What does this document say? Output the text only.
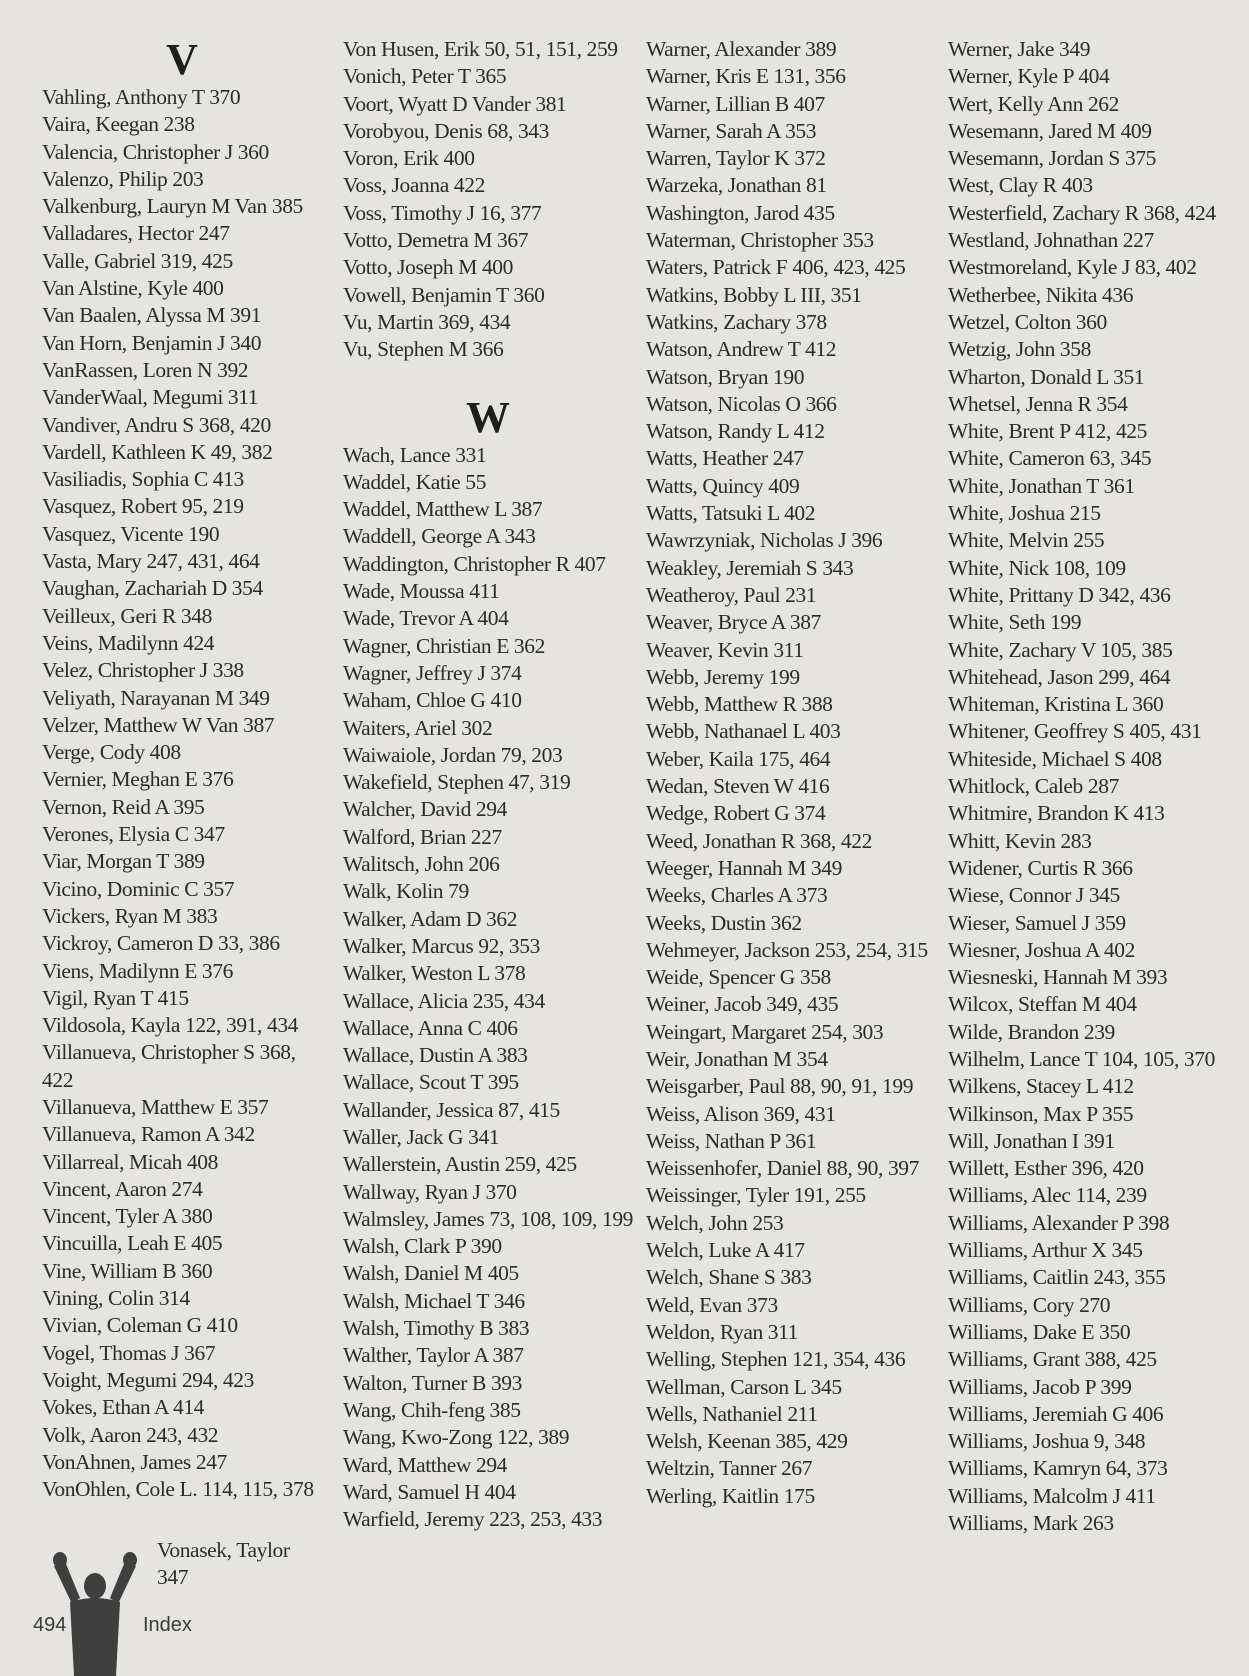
V
Vahling, Anthony T 370
Vaira, Keegan 238
Valencia, Christopher J 360
Valenzo, Philip 203
Valkenburg, Lauryn M Van 385
Valladares, Hector 247
Valle, Gabriel 319, 425
Van Alstine, Kyle 400
Van Baalen, Alyssa M 391
Van Horn, Benjamin J 340
VanRassen, Loren N 392
VanderWaal, Megumi 311
Vandiver, Andru S 368, 420
Vardell, Kathleen K 49, 382
Vasiliadis, Sophia C 413
Vasquez, Robert 95, 219
Vasquez, Vicente 190
Vasta, Mary 247, 431, 464
Vaughan, Zachariah D 354
Veilleux, Geri R 348
Veins, Madilynn 424
Velez, Christopher J 338
Veliyath, Narayanan M 349
Velzer, Matthew W Van 387
Verge, Cody 408
Vernier, Meghan E 376
Vernon, Reid A 395
Verones, Elysia C 347
Viar, Morgan T 389
Vicino, Dominic C 357
Vickers, Ryan M 383
Vickroy, Cameron D 33, 386
Viens, Madilynn E 376
Vigil, Ryan T 415
Vildosola, Kayla 122, 391, 434
Villanueva, Christopher S 368, 422
Villanueva, Matthew E 357
Villanueva, Ramon A 342
Villarreal, Micah 408
Vincent, Aaron 274
Vincent, Tyler A 380
Vincuilla, Leah E 405
Vine, William B 360
Vining, Colin 314
Vivian, Coleman G 410
Vogel, Thomas J 367
Voight, Megumi 294, 423
Vokes, Ethan A 414
Volk, Aaron 243, 432
VonAhnen, James 247
VonOhlen, Cole L. 114, 115, 378
Von Husen, Erik 50, 51, 151, 259
Vonich, Peter T 365
Voort, Wyatt D Vander 381
Vorobyou, Denis 68, 343
Voron, Erik 400
Voss, Joanna 422
Voss, Timothy J 16, 377
Votto, Demetra M 367
Votto, Joseph M 400
Vowell, Benjamin T 360
Vu, Martin 369, 434
Vu, Stephen M 366
W
Wach, Lance 331
Waddel, Katie 55
Waddel, Matthew L 387
Waddell, George A 343
Waddington, Christopher R 407
Wade, Moussa 411
Wade, Trevor A 404
Wagner, Christian E 362
Wagner, Jeffrey J 374
Waham, Chloe G 410
Waiters, Ariel 302
Waiwaiole, Jordan 79, 203
Wakefield, Stephen 47, 319
Walcher, David 294
Walford, Brian 227
Walitsch, John 206
Walk, Kolin 79
Walker, Adam D 362
Walker, Marcus 92, 353
Walker, Weston L 378
Wallace, Alicia 235, 434
Wallace, Anna C 406
Wallace, Dustin A 383
Wallace, Scout T 395
Wallander, Jessica 87, 415
Waller, Jack G 341
Wallerstein, Austin 259, 425
Wallway, Ryan J 370
Walmsley, James 73, 108, 109, 199
Walsh, Clark P 390
Walsh, Daniel M 405
Walsh, Michael T 346
Walsh, Timothy B 383
Walther, Taylor A 387
Walton, Turner B 393
Wang, Chih-feng 385
Wang, Kwo-Zong 122, 389
Ward, Matthew 294
Ward, Samuel H 404
Warfield, Jeremy 223, 253, 433
Warner, Alexander 389
Warner, Kris E 131, 356
Warner, Lillian B 407
Warner, Sarah A 353
Warren, Taylor K 372
Warzeka, Jonathan 81
Washington, Jarod 435
Waterman, Christopher 353
Waters, Patrick F 406, 423, 425
Watkins, Bobby L III, 351
Watkins, Zachary 378
Watson, Andrew T 412
Watson, Bryan 190
Watson, Nicolas O 366
Watson, Randy L 412
Watts, Heather 247
Watts, Quincy 409
Watts, Tatsuki L 402
Wawrzyniak, Nicholas J 396
Weakley, Jeremiah S 343
Weatheroy, Paul 231
Weaver, Bryce A 387
Weaver, Kevin 311
Webb, Jeremy 199
Webb, Matthew R 388
Webb, Nathanael L 403
Weber, Kaila 175, 464
Wedan, Steven W 416
Wedge, Robert G 374
Weed, Jonathan R 368, 422
Weeger, Hannah M 349
Weeks, Charles A 373
Weeks, Dustin 362
Wehmeyer, Jackson 253, 254, 315
Weide, Spencer G 358
Weiner, Jacob 349, 435
Weingart, Margaret 254, 303
Weir, Jonathan M 354
Weisgarber, Paul 88, 90, 91, 199
Weiss, Alison 369, 431
Weiss, Nathan P 361
Weissenhofer, Daniel 88, 90, 397
Weissinger, Tyler 191, 255
Welch, John 253
Welch, Luke A 417
Welch, Shane S 383
Weld, Evan 373
Weldon, Ryan 311
Welling, Stephen 121, 354, 436
Wellman, Carson L 345
Wells, Nathaniel 211
Welsh, Keenan 385, 429
Weltzin, Tanner 267
Werling, Kaitlin 175
Werner, Jake 349
Werner, Kyle P 404
Wert, Kelly Ann 262
Wesemann, Jared M 409
Wesemann, Jordan S 375
West, Clay R 403
Westerfield, Zachary R 368, 424
Westland, Johnathan 227
Westmoreland, Kyle J 83, 402
Wetherbee, Nikita 436
Wetzel, Colton 360
Wetzig, John 358
Wharton, Donald L 351
Whetsel, Jenna R 354
White, Brent P 412, 425
White, Cameron 63, 345
White, Jonathan T 361
White, Joshua 215
White, Melvin 255
White, Nick 108, 109
White, Prittany D 342, 436
White, Seth 199
White, Zachary V 105, 385
Whitehead, Jason 299, 464
Whiteman, Kristina L 360
Whitener, Geoffrey S 405, 431
Whiteside, Michael S 408
Whitlock, Caleb 287
Whitmire, Brandon K 413
Whitt, Kevin 283
Widener, Curtis R 366
Wiese, Connor J 345
Wieser, Samuel J 359
Wiesner, Joshua A 402
Wiesneski, Hannah M 393
Wilcox, Steffan M 404
Wilde, Brandon 239
Wilhelm, Lance T 104, 105, 370
Wilkens, Stacey L 412
Wilkinson, Max P 355
Will, Jonathan I 391
Willett, Esther 396, 420
Williams, Alec 114, 239
Williams, Alexander P 398
Williams, Arthur X 345
Williams, Caitlin 243, 355
Williams, Cory 270
Williams, Dake E 350
Williams, Grant 388, 425
Williams, Jacob P 399
Williams, Jeremiah G 406
Williams, Joshua 9, 348
Williams, Kamryn 64, 373
Williams, Malcolm J 411
Williams, Mark 263
Vonasek, Taylor 347
494	Index
